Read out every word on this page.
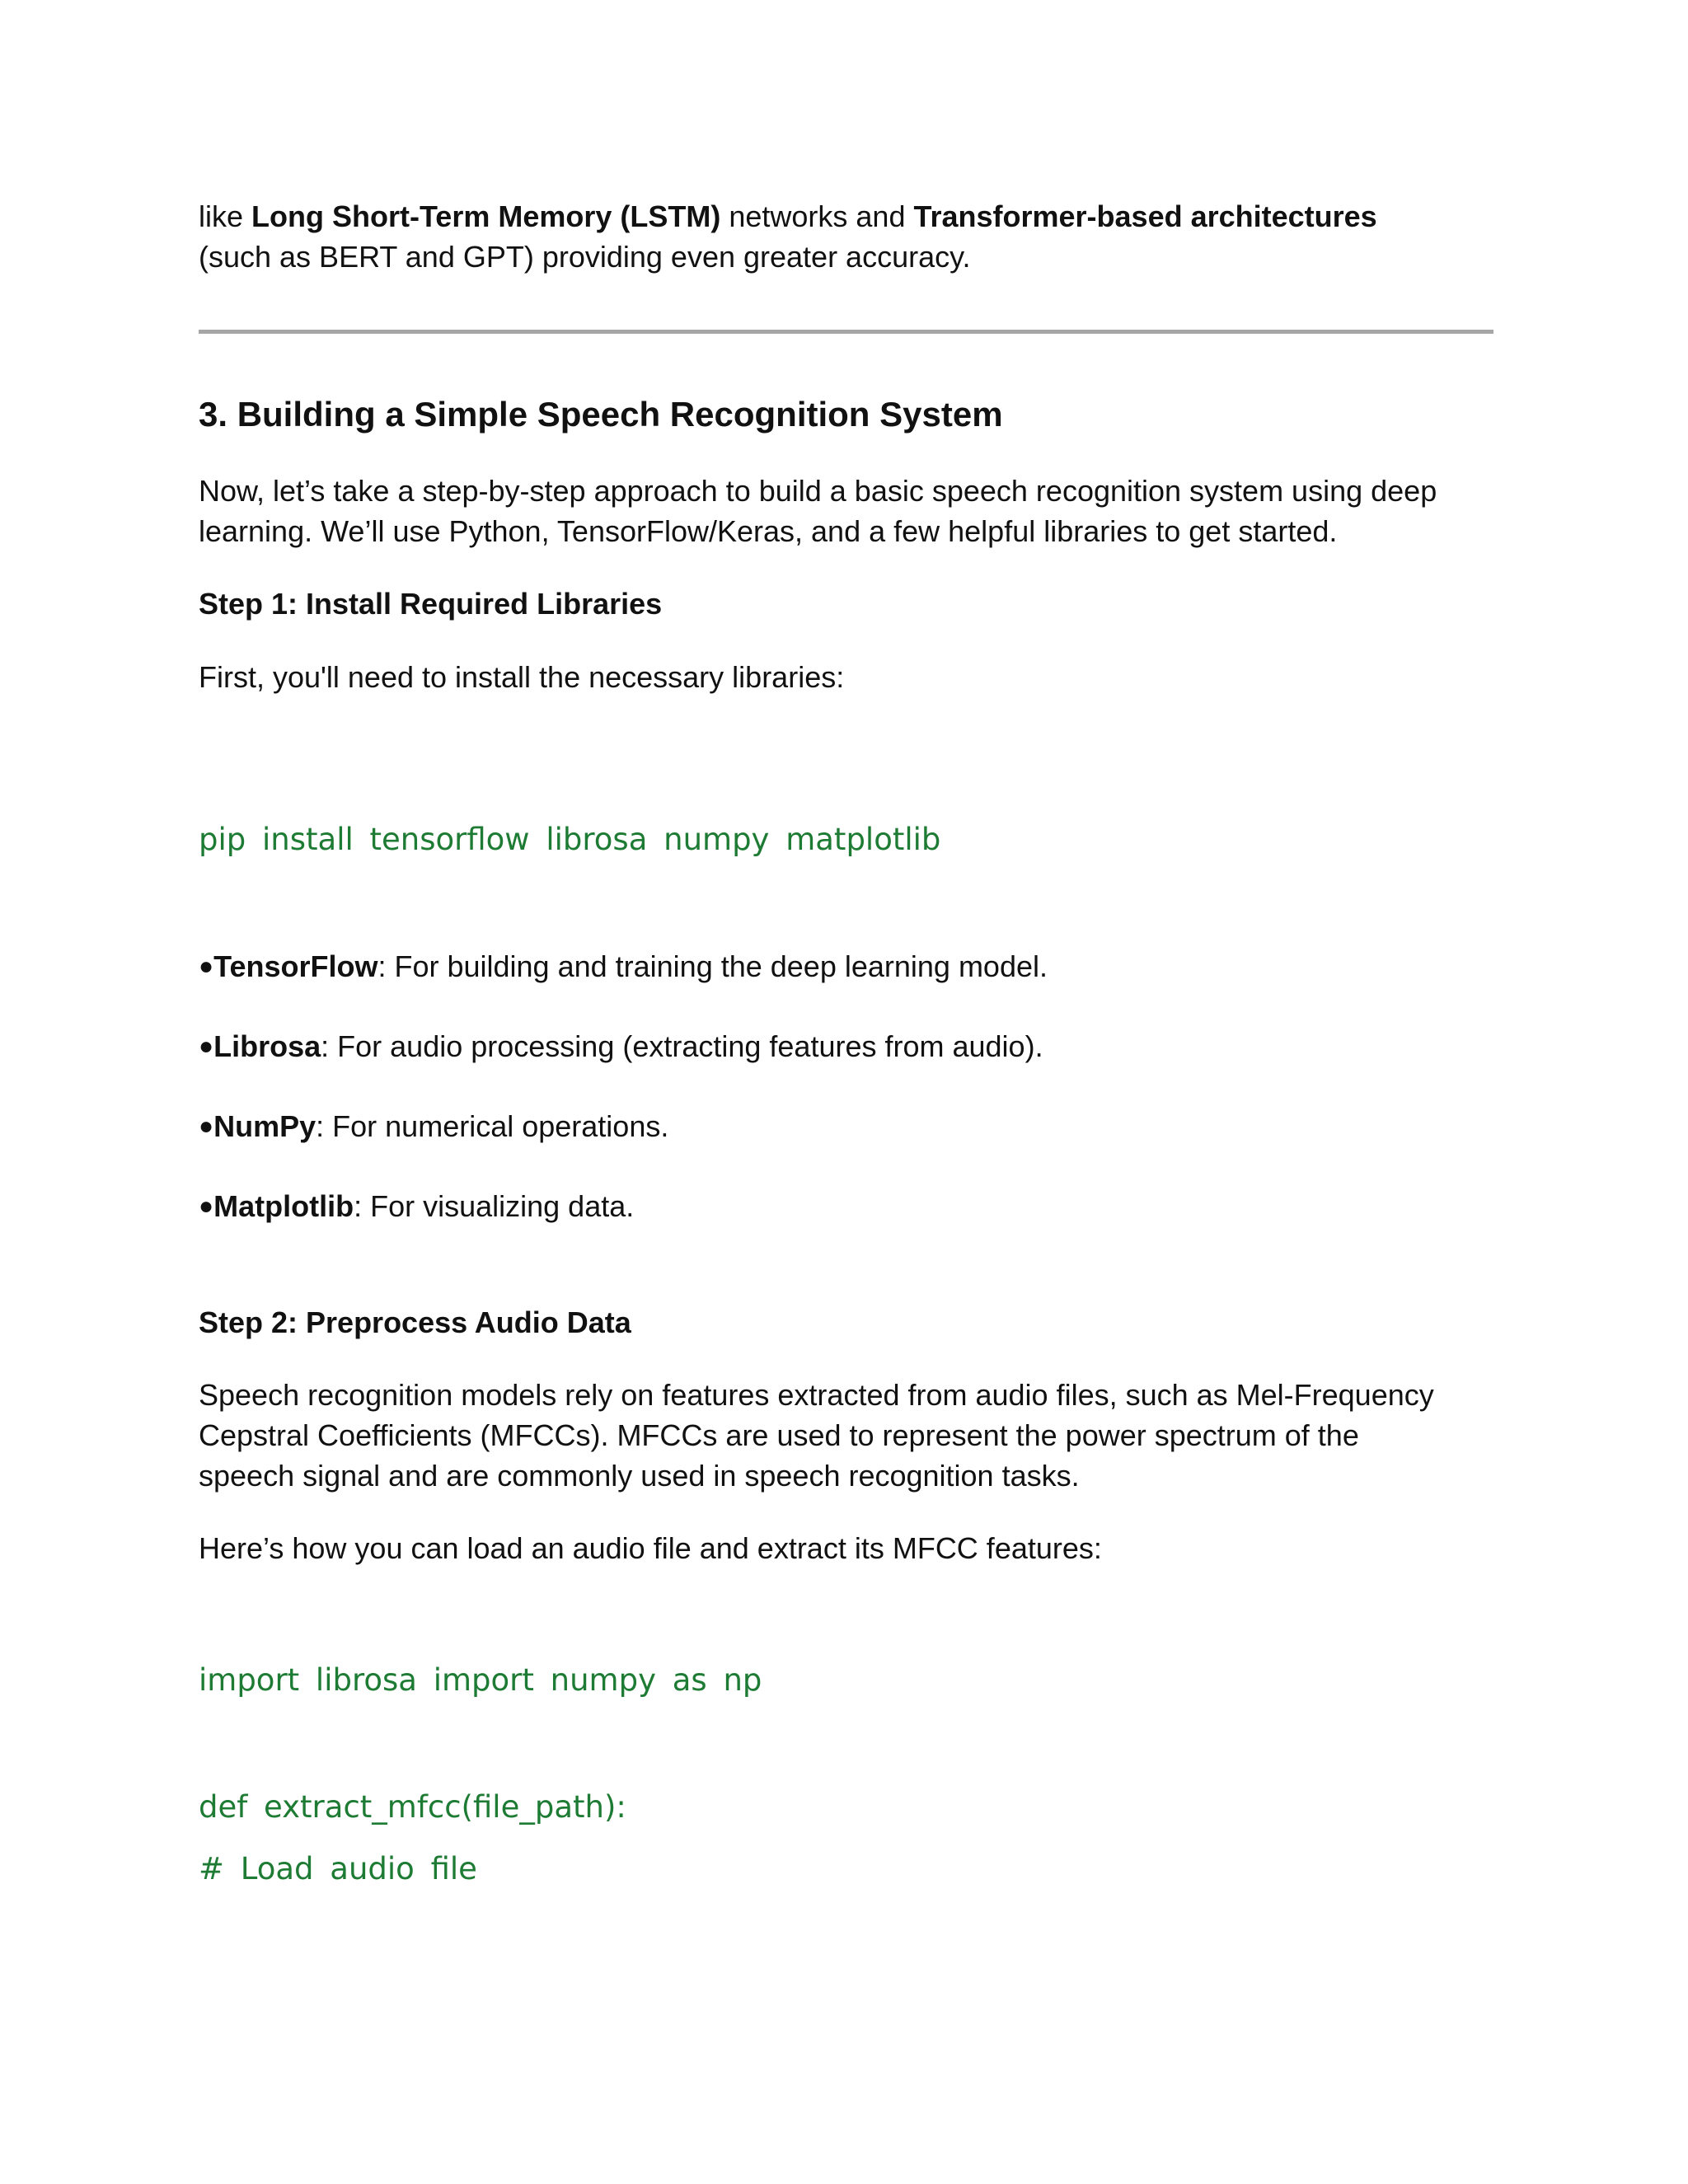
like Long Short-Term Memory (LSTM) networks and Transformer-based architectures

(such as BERT and GPT) providing even greater accuracy.

3. Building a Simple Speech Recognition System

Now, let’s take a step-by-step approach to build a basic speech recognition system using deep

learning. We’ll use Python, TensorFlow/Keras, and a few helpful libraries to get started.

Step 1: Install Required Libraries

First, you'll need to install the necessary libraries:

pip install tensorflow librosa numpy matplotlib
●TensorFlow: For building and training the deep learning model.
●Librosa: For audio processing (extracting features from audio).
●NumPy: For numerical operations.
●Matplotlib: For visualizing data.
Step 2: Preprocess Audio Data

Speech recognition models rely on features extracted from audio files, such as Mel-Frequency

Cepstral Coefficients (MFCCs). MFCCs are used to represent the power spectrum of the

speech signal and are commonly used in speech recognition tasks.

Here’s how you can load an audio file and extract its MFCC features:

import librosa import numpy as np
def extract_mfcc(file_path):
# Load audio file
